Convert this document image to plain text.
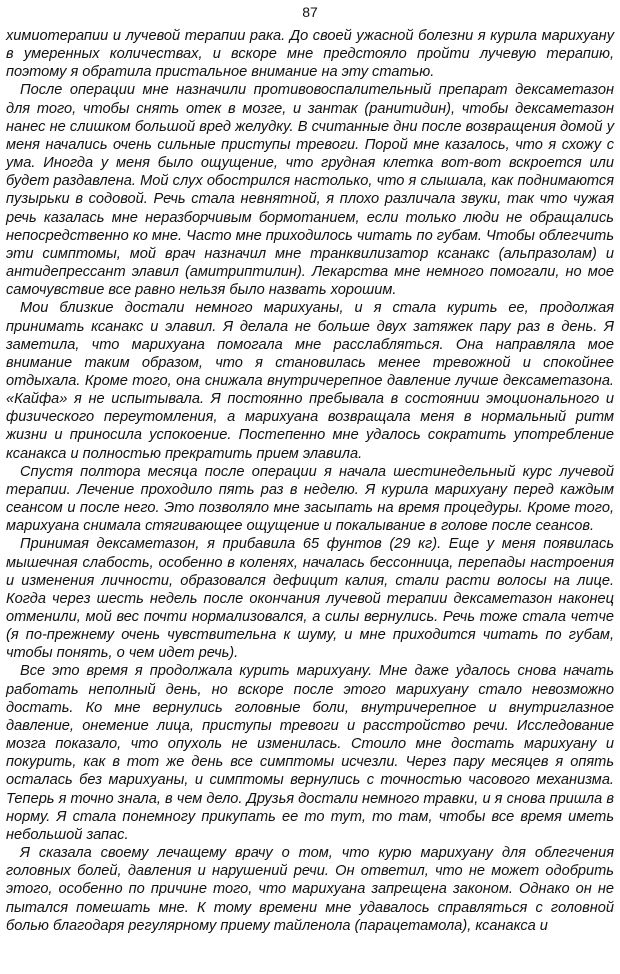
87

химиотерапии и лучевой терапии рака. До своей ужасной болезни я курила марихуану в умеренных количествах, и вскоре мне предстояло пройти лучевую терапию, поэтому я обратила пристальное внимание на эту статью.

После операции мне назначили противовоспалительный препарат дексаметазон для того, чтобы снять отек в мозге, и зантак (ранитидин), чтобы дексаметазон нанес не слишком большой вред желудку. В считанные дни после возвращения домой у меня начались очень сильные приступы тревоги. Порой мне казалось, что я схожу с ума. Иногда у меня было ощущение, что грудная клетка вот-вот вскроется или будет раздавлена. Мой слух обострился настолько, что я слышала, как поднимаются пузырьки в содовой. Речь стала невнятной, я плохо различала звуки, так что чужая речь казалась мне неразборчивым бормотанием, если только люди не обращались непосредственно ко мне. Часто мне приходилось читать по губам. Чтобы облегчить эти симптомы, мой врач назначил мне транквилизатор ксанакс (альпразолам) и антидепрессант элавил (амитриптилин). Лекарства мне немного помогали, но мое самочувствие все равно нельзя было назвать хорошим.

Мои близкие достали немного марихуаны, и я стала курить ее, продолжая принимать ксанакс и элавил. Я делала не больше двух затяжек пару раз в день. Я заметила, что марихуана помогала мне расслабляться. Она направляла мое внимание таким образом, что я становилась менее тревожной и спокойнее отдыхала. Кроме того, она снижала внутричерепное давление лучше дексаметазона. «Кайфа» я не испытывала. Я постоянно пребывала в состоянии эмоционального и физического переутомления, а марихуана возвращала меня в нормальный ритм жизни и приносила успокоение. Постепенно мне удалось сократить употребление ксанакса и полностью прекратить прием элавила.

Спустя полтора месяца после операции я начала шестинедельный курс лучевой терапии. Лечение проходило пять раз в неделю. Я курила марихуану перед каждым сеансом и после него. Это позволяло мне засыпать на время процедуры. Кроме того, марихуана снимала стягивающее ощущение и покалывание в голове после сеансов.

Принимая дексаметазон, я прибавила 65 фунтов (29 кг). Еще у меня появилась мышечная слабость, особенно в коленях, началась бессонница, перепады настроения и изменения личности, образовался дефицит калия, стали расти волосы на лице. Когда через шесть недель после окончания лучевой терапии дексаметазон наконец отменили, мой вес почти нормализовался, а силы вернулись. Речь тоже стала четче (я по-прежнему очень чувствительна к шуму, и мне приходится читать по губам, чтобы понять, о чем идет речь).

Все это время я продолжала курить марихуану. Мне даже удалось снова начать работать неполный день, но вскоре после этого марихуану стало невозможно достать. Ко мне вернулись головные боли, внутричерепное и внутриглазное давление, онемение лица, приступы тревоги и расстройство речи. Исследование мозга показало, что опухоль не изменилась. Стоило мне достать марихуану и покурить, как в тот же день все симптомы исчезли. Через пару месяцев я опять осталась без марихуаны, и симптомы вернулись с точностью часового механизма. Теперь я точно знала, в чем дело. Друзья достали немного травки, и я снова пришла в норму. Я стала понемногу прикупать ее то тут, то там, чтобы все время иметь небольшой запас.

Я сказала своему лечащему врачу о том, что курю марихуану для облегчения головных болей, давления и нарушений речи. Он ответил, что не может одобрить этого, особенно по причине того, что марихуана запрещена законом. Однако он не пытался помешать мне. К тому времени мне удавалось справляться с головной болью благодаря регулярному приему тайленола (парацетамола), ксанакса и
